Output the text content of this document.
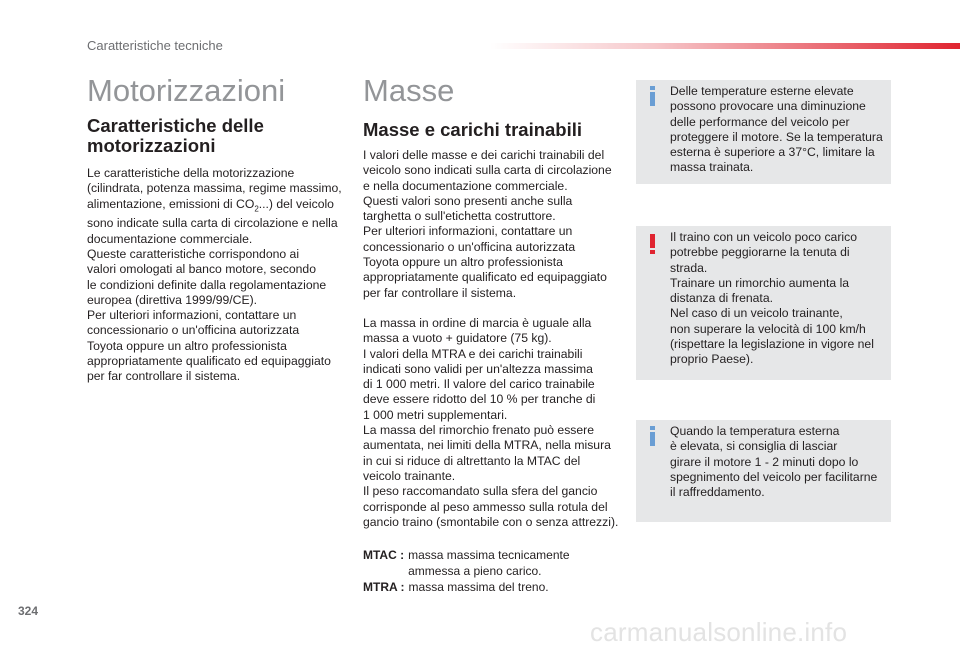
Caratteristiche tecniche
Motorizzazioni
Caratteristiche delle
motorizzazioni

Le caratteristiche della motorizzazione
(cilindrata, potenza massima, regime massimo,
alimentazione, emissioni di $CO_2$...) del veicolo
sono indicate sulla carta di circolazione e nella
documentazione commerciale.
Queste caratteristiche corrispondono ai
valori omologati al banco motore, secondo
le condizioni definite dalla regolamentazione
europea (direttiva 1999/99/CE).
Per ulteriori informazioni, contattare un
concessionario o un'officina autorizzata
Toyota oppure un altro professionista
appropriatamente qualificato ed equipaggiato
per far controllare il sistema.

Masse
Masse e carichi trainabili

I valori delle masse e dei carichi trainabili del
veicolo sono indicati sulla carta di circolazione
e nella documentazione commerciale.
Questi valori sono presenti anche sulla
targhetta o sull'etichetta costruttore.
Per ulteriori informazioni, contattare un
concessionario o un'officina autorizzata
Toyota oppure un altro professionista
appropriatamente qualificato ed equipaggiato
per far controllare il sistema.

La massa in ordine di marcia è uguale alla
massa a vuoto + guidatore (75 kg).
I valori della MTRA e dei carichi trainabili
indicati sono validi per un'altezza massima
di 1 000 metri. Il valore del carico trainabile
deve essere ridotto del 10 % per tranche di
1 000 metri supplementari.
La massa del rimorchio frenato può essere
aumentata, nei limiti della MTRA, nella misura
in cui si riduce di altrettanto la MTAC del
veicolo trainante.
Il peso raccomandato sulla sfera del gancio
corrisponde al peso ammesso sulla rotula del
gancio traino (smontabile con o senza attrezzi).

MTAC : massa massima tecnicamente
ammessa a pieno carico.
MTRA : massa massima del treno.
Delle temperature esterne elevate
possono provocare una diminuzione
delle performance del veicolo per
proteggere il motore. Se la temperatura
esterna è superiore a 37°C, limitare la
massa trainata.
Il traino con un veicolo poco carico
potrebbe peggiorarne la tenuta di
strada.
Trainare un rimorchio aumenta la
distanza di frenata.
Nel caso di un veicolo trainante,
non superare la velocità di 100 km/h
(rispettare la legislazione in vigore nel
proprio Paese).
Quando la temperatura esterna
è elevata, si consiglia di lasciar
girare il motore 1 - 2 minuti dopo lo
spegnimento del veicolo per facilitarne
il raffreddamento.
324
carmanualsonline.info
